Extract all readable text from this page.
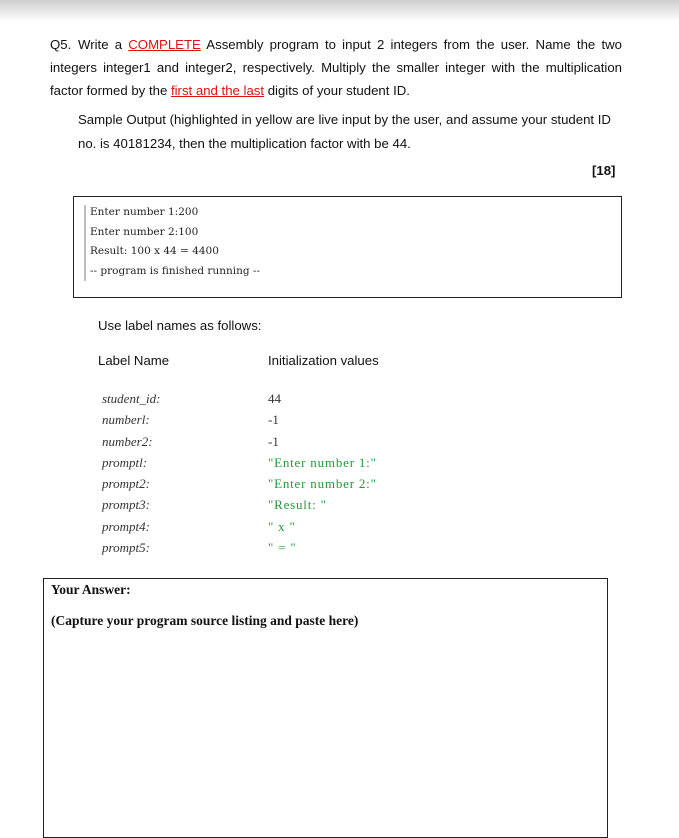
Q5. Write a COMPLETE Assembly program to input 2 integers from the user. Name the two integers integer1 and integer2, respectively. Multiply the smaller integer with the multiplication factor formed by the first and the last digits of your student ID.
Sample Output (highlighted in yellow are live input by the user, and assume your student ID no. is 40181234, then the multiplication factor with be 44.
[18]
Enter number 1:200
Enter number 2:100
Result: 100 x 44 = 4400
-- program is finished running --
Use label names as follows:
Label Name	Initialization values
student_id:
numberl:
number2:
promptl:
prompt2:
prompt3:
prompt4:
prompt5:
44
-1
-1
"Enter number 1:"
"Enter number 2:"
"Result: "
" x "
" = "
Your Answer:
(Capture your program source listing and paste here)
